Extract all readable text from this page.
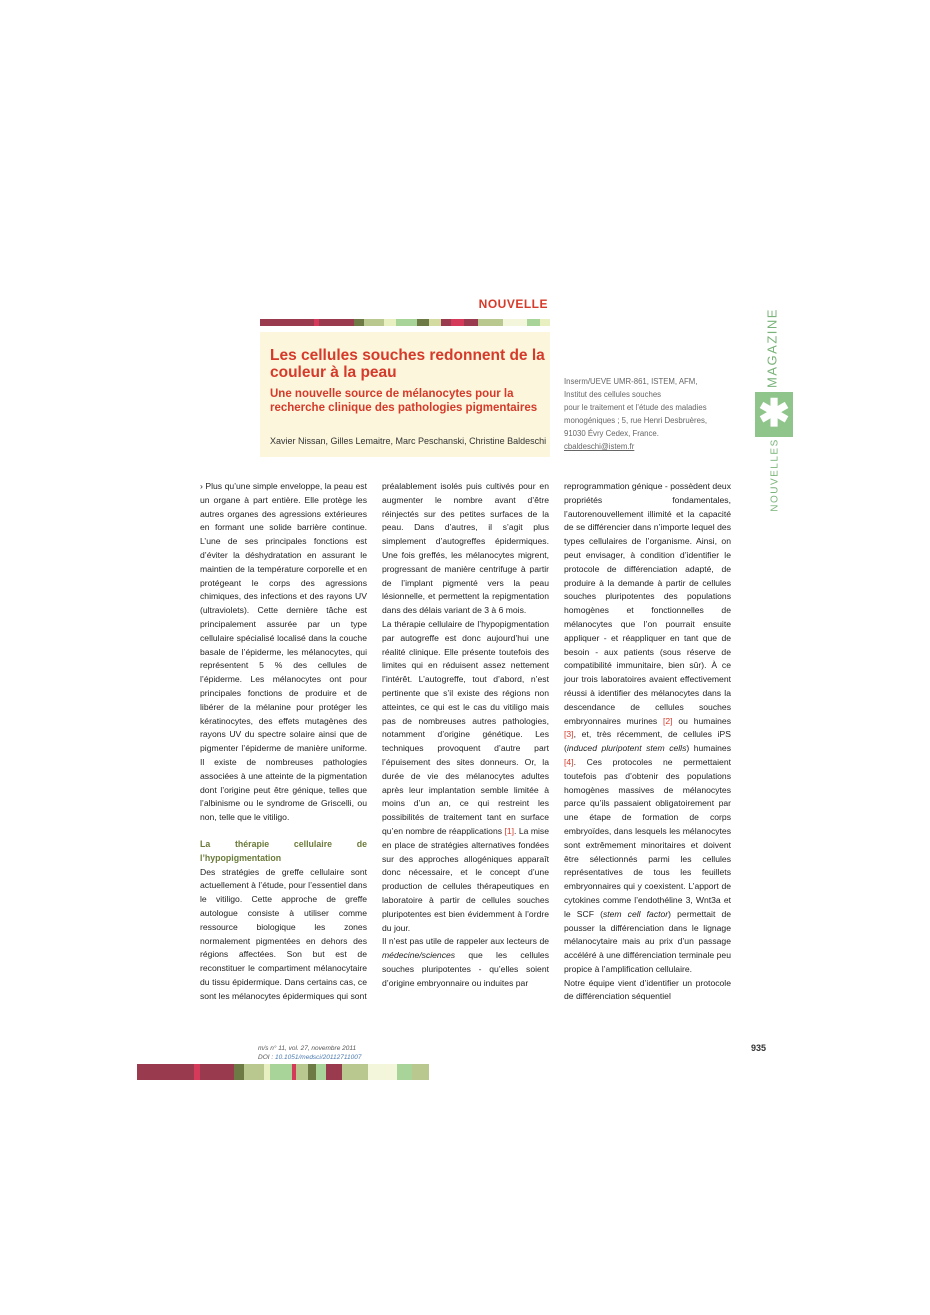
NOUVELLE
Les cellules souches redonnent de la couleur à la peau
Une nouvelle source de mélanocytes pour la recherche clinique des pathologies pigmentaires
Xavier Nissan, Gilles Lemaitre, Marc Peschanski, Christine Baldeschi
Inserm/UEVE UMR-861, ISTEM, AFM,
Institut des cellules souches
pour le traitement et l’étude des maladies
monogéniques ; 5, rue Henri Desbruères,
91030 Évry Cedex, France.
cbaldeschi@istem.fr
MAGAZINE
✱
NOUVELLES

› Plus qu’une simple enveloppe, la peau est un organe à part entière. Elle protège les autres organes des agressions extérieures en formant une solide barrière continue. L’une de ses principales fonctions est d’éviter la déshydratation en assurant le maintien de la température corporelle et en protégeant le corps des agressions chimiques, des infections et des rayons UV (ultraviolets). Cette dernière tâche est principalement assurée par un type cellulaire spécialisé localisé dans la couche basale de l’épiderme, les mélanocytes, qui représentent 5 % des cellules de l’épiderme. Les mélanocytes ont pour principales fonctions de produire et de libérer de la mélanine pour protéger les kératinocytes, des effets mutagènes des rayons UV du spectre solaire ainsi que de pigmenter l’épiderme de manière uniforme. Il existe de nombreuses pathologies associées à une atteinte de la pigmentation dont l’origine peut être génique, telles que l’albinisme ou le syndrome de Griscelli, ou non, telle que le vitiligo.

La thérapie cellulaire de l’hypopigmentation

Des stratégies de greffe cellulaire sont actuellement à l’étude, pour l’essentiel dans le vitiligo. Cette approche de greffe autologue consiste à utiliser comme ressource biologique les zones normalement pigmentées en dehors des régions affectées. Son but est de reconstituer le compartiment mélanocytaire du tissu épidermique. Dans certains cas, ce sont les mélanocytes épidermiques qui sont

préalablement isolés puis cultivés pour en augmenter le nombre avant d’être réinjectés sur des petites surfaces de la peau. Dans d’autres, il s’agit plus simplement d’autogreffes épidermiques. Une fois greffés, les mélanocytes migrent, progressant de manière centrifuge à partir de l’implant pigmenté vers la peau lésionnelle, et permettent la repigmentation dans des délais variant de 3 à 6 mois.

La thérapie cellulaire de l’hypopigmentation par autogreffe est donc aujourd’hui une réalité clinique. Elle présente toutefois des limites qui en réduisent assez nettement l’intérêt. L’autogreffe, tout d’abord, n’est pertinente que s’il existe des régions non atteintes, ce qui est le cas du vitiligo mais pas de nombreuses autres pathologies, notamment d’origine génétique. Les techniques provoquent d’autre part l’épuisement des sites donneurs. Or, la durée de vie des mélanocytes adultes après leur implantation semble limitée à moins d’un an, ce qui restreint les possibilités de traitement tant en surface qu’en nombre de réapplications [1]. La mise en place de stratégies alternatives fondées sur des approches allogéniques apparaît donc nécessaire, et le concept d’une production de cellules thérapeutiques en laboratoire à partir de cellules souches pluripotentes est bien évidemment à l’ordre du jour.

Il n’est pas utile de rappeler aux lecteurs de médecine/sciences que les cellules souches pluripotentes - qu’elles soient d’origine embryonnaire ou induites par

reprogrammation génique - possèdent deux propriétés fondamentales, l’autorenouvellement illimité et la capacité de se différencier dans n’importe lequel des types cellulaires de l’organisme. Ainsi, on peut envisager, à condition d’identifier le protocole de différenciation adapté, de produire à la demande à partir de cellules souches pluripotentes des populations homogènes et fonctionnelles de mélanocytes que l’on pourrait ensuite appliquer - et réappliquer en tant que de besoin - aux patients (sous réserve de compatibilité immunitaire, bien sûr). À ce jour trois laboratoires avaient effectivement réussi à identifier des mélanocytes dans la descendance de cellules souches embryonnaires murines [2] ou humaines [3], et, très récemment, de cellules iPS (induced pluripotent stem cells) humaines [4]. Ces protocoles ne permettaient toutefois pas d’obtenir des populations homogènes massives de mélanocytes parce qu’ils passaient obligatoirement par une étape de formation de corps embryoïdes, dans lesquels les mélanocytes sont extrêmement minoritaires et doivent être sélectionnés parmi les cellules représentatives de tous les feuillets embryonnaires qui y coexistent. L’apport de cytokines comme l’endothéline 3, Wnt3a et le SCF (stem cell factor) permettait de pousser la différenciation dans le lignage mélanocytaire mais au prix d’un passage accéléré à une différenciation terminale peu propice à l’amplification cellulaire.

Notre équipe vient d’identifier un protocole de différenciation séquentiel

m/s n° 11, vol. 27, novembre 2011
DOI : 10.1051/medsci/20112711007
935
